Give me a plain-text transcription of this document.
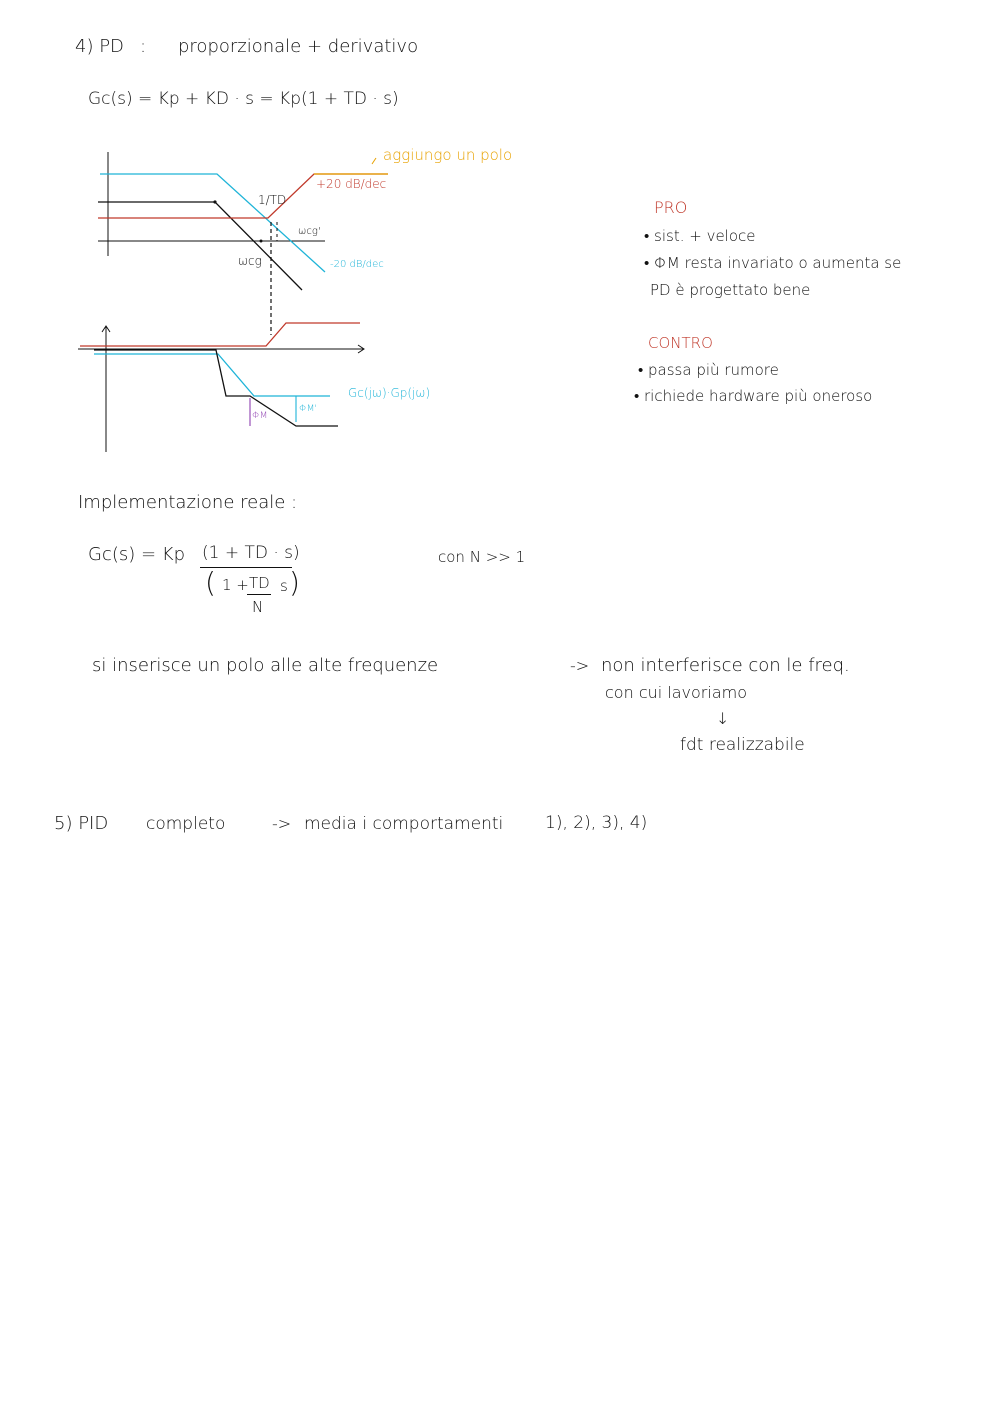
4) PD : proporzionale + derivativo
Gc(s) = Kp + KD · s = Kp(1 + TD · s)
aggiungo un polo
+20 dB/dec
1/TD
ωcg'
ωcg	-20 dB/dec
Gc(jω)·Gp(jω)
ΦM
ΦM'
PRO
• sist. + veloce
• ΦM resta invariato o aumenta se
PD è progettato bene
CONTRO
• passa più rumore
• richiede hardware più oneroso
Implementazione reale :
Gc(s) = Kp (1 + TD · s)
( 1 + TD
N
s )
con N >> 1
si inserisce un polo alle alte frequenze	-> non interferisce con le freq.
con cui lavoriamo
↓
fdt realizzabile
5) PID completo	-> media i comportamenti 1), 2), 3), 4)
